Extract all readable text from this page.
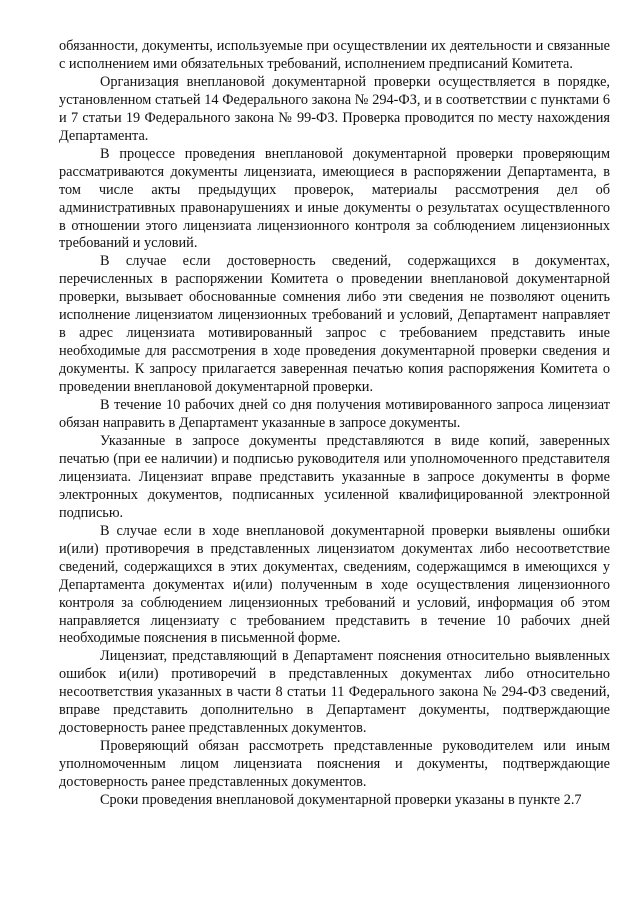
обязанности, документы, используемые при осуществлении их деятельности и связанные с исполнением ими обязательных требований, исполнением предписаний Комитета.

Организация внеплановой документарной проверки осуществляется в порядке, установленном статьей 14 Федерального закона № 294-ФЗ, и в соответствии с пунктами 6 и 7 статьи 19 Федерального закона № 99-ФЗ. Проверка проводится по месту нахождения Департамента.

В процессе проведения внеплановой документарной проверки проверяющим рассматриваются документы лицензиата, имеющиеся в распоряжении Департамента, в том числе акты предыдущих проверок, материалы рассмотрения дел об административных правонарушениях и иные документы о результатах осуществленного в отношении этого лицензиата лицензионного контроля за соблюдением лицензионных требований и условий.

В случае если достоверность сведений, содержащихся в документах, перечисленных в распоряжении Комитета о проведении внеплановой документарной проверки, вызывает обоснованные сомнения либо эти сведения не позволяют оценить исполнение лицензиатом лицензионных требований и условий, Департамент направляет в адрес лицензиата мотивированный запрос с требованием представить иные необходимые для рассмотрения в ходе проведения документарной проверки сведения и документы. К запросу прилагается заверенная печатью копия распоряжения Комитета о проведении внеплановой документарной проверки.

В течение 10 рабочих дней со дня получения мотивированного запроса лицензиат обязан направить в Департамент указанные в запросе документы.

Указанные в запросе документы представляются в виде копий, заверенных печатью (при ее наличии) и подписью руководителя или уполномоченного представителя лицензиата. Лицензиат вправе представить указанные в запросе документы в форме электронных документов, подписанных усиленной квалифицированной электронной подписью.

В случае если в ходе внеплановой документарной проверки выявлены ошибки и(или) противоречия в представленных лицензиатом документах либо несоответствие сведений, содержащихся в этих документах, сведениям, содержащимся в имеющихся у Департамента документах и(или) полученным в ходе осуществления лицензионного контроля за соблюдением лицензионных требований и условий, информация об этом направляется лицензиату с требованием представить в течение 10 рабочих дней необходимые пояснения в письменной форме.

Лицензиат, представляющий в Департамент пояснения относительно выявленных ошибок и(или) противоречий в представленных документах либо относительно несоответствия указанных в части 8 статьи 11 Федерального закона № 294-ФЗ сведений, вправе представить дополнительно в Департамент документы, подтверждающие достоверность ранее представленных документов.

Проверяющий обязан рассмотреть представленные руководителем или иным уполномоченным лицом лицензиата пояснения и документы, подтверждающие достоверность ранее представленных документов.

Сроки проведения внеплановой документарной проверки указаны в пункте 2.7
